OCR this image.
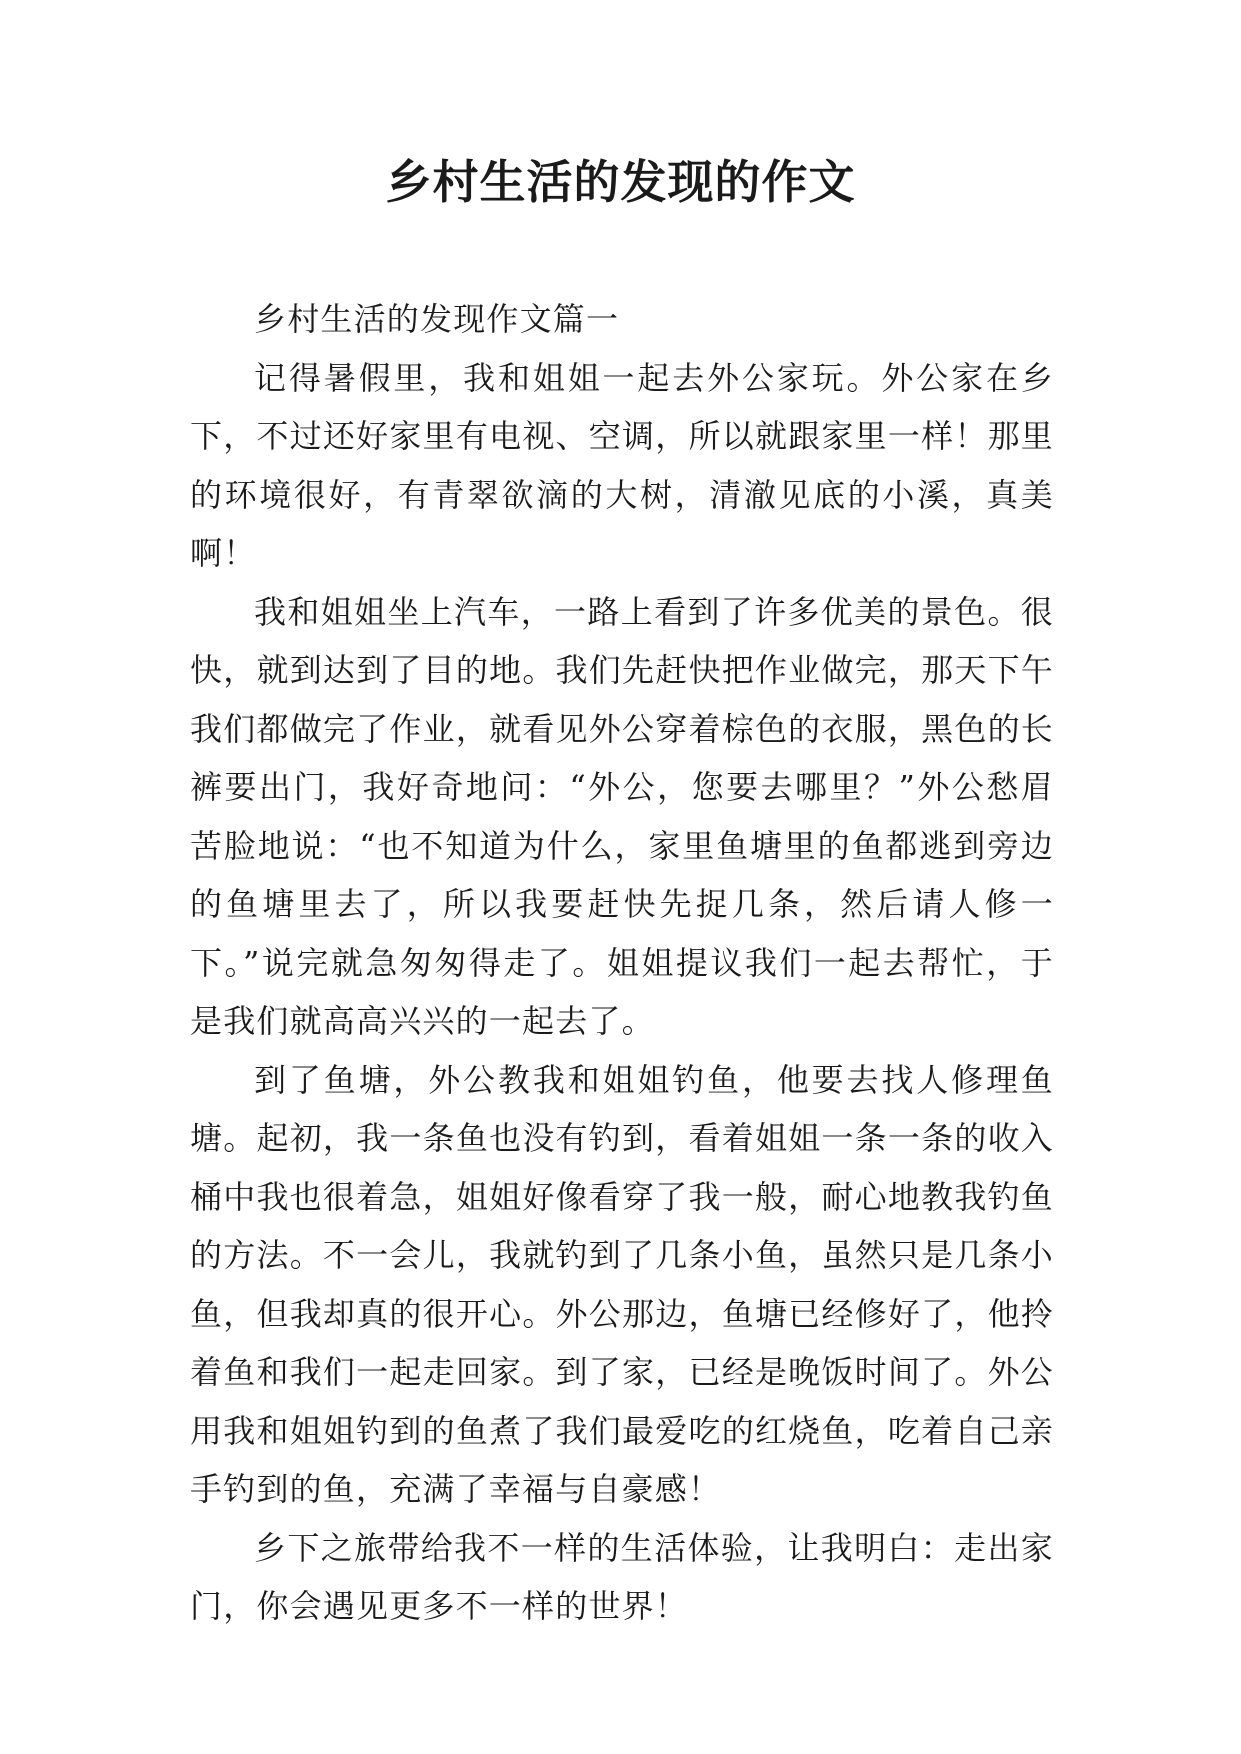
乡村生活的发现的作文

乡村生活的发现作文篇一

记得暑假里，我和姐姐一起去外公家玩。外公家在乡下，不过还好家里有电视、空调，所以就跟家里一样！那里的环境很好，有青翠欲滴的大树，清澈见底的小溪，真美啊！

我和姐姐坐上汽车，一路上看到了许多优美的景色。很快，就到达到了目的地。我们先赶快把作业做完，那天下午我们都做完了作业，就看见外公穿着棕色的衣服，黑色的长裤要出门，我好奇地问：“外公，您要去哪里？”外公愁眉苦脸地说：“也不知道为什么，家里鱼塘里的鱼都逃到旁边的鱼塘里去了，所以我要赶快先捉几条，然后请人修一下。”说完就急匆匆得走了。姐姐提议我们一起去帮忙，于是我们就高高兴兴的一起去了。

到了鱼塘，外公教我和姐姐钓鱼，他要去找人修理鱼塘。起初，我一条鱼也没有钓到，看着姐姐一条一条的收入桶中我也很着急，姐姐好像看穿了我一般，耐心地教我钓鱼的方法。不一会儿，我就钓到了几条小鱼，虽然只是几条小鱼，但我却真的很开心。外公那边，鱼塘已经修好了，他拎着鱼和我们一起走回家。到了家，已经是晚饭时间了。外公用我和姐姐钓到的鱼煮了我们最爱吃的红烧鱼，吃着自己亲手钓到的鱼，充满了幸福与自豪感！

乡下之旅带给我不一样的生活体验，让我明白：走出家门，你会遇见更多不一样的世界！
